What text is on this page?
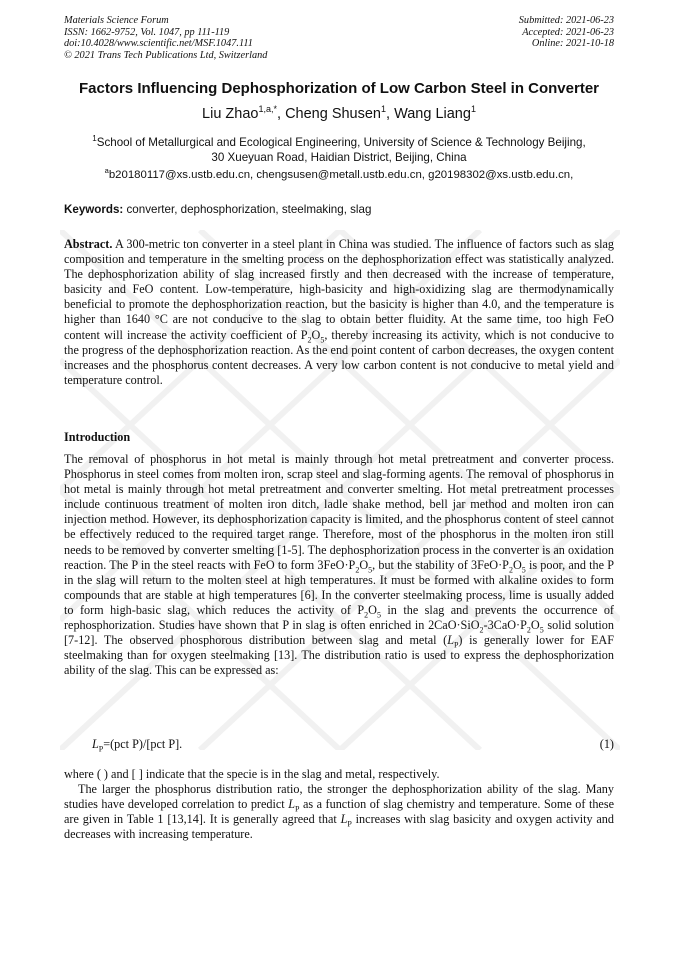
Materials Science Forum
ISSN: 1662-9752, Vol. 1047, pp 111-119
doi:10.4028/www.scientific.net/MSF.1047.111
© 2021 Trans Tech Publications Ltd, Switzerland
Submitted: 2021-06-23
Accepted: 2021-06-23
Online: 2021-10-18
Factors Influencing Dephosphorization of Low Carbon Steel in Converter
Liu Zhao$^{1,a,*}$, Cheng Shusen$^1$, Wang Liang$^1$
$^1$School of Metallurgical and Ecological Engineering, University of Science & Technology Beijing,
30 Xueyuan Road, Haidian District, Beijing, China
$^a$b20180117@xs.ustb.edu.cn, chengsusen@metall.ustb.edu.cn, g20198302@xs.ustb.edu.cn,
Keywords: converter, dephosphorization, steelmaking, slag
Abstract. A 300-metric ton converter in a steel plant in China was studied. The influence of factors such as slag composition and temperature in the smelting process on the dephosphorization effect was statistically analyzed. The dephosphorization ability of slag increased firstly and then decreased with the increase of temperature, basicity and FeO content. Low-temperature, high-basicity and high-oxidizing slag are thermodynamically beneficial to promote the dephosphorization reaction, but the basicity is higher than 4.0, and the temperature is higher than 1640 °C are not conducive to the slag to obtain better fluidity. At the same time, too high FeO content will increase the activity coefficient of $P_2O_5$, thereby increasing its activity, which is not conducive to the progress of the dephosphorization reaction. As the end point content of carbon decreases, the oxygen content increases and the phosphorus content decreases. A very low carbon content is not conducive to metal yield and temperature control.
Introduction
The removal of phosphorus in hot metal is mainly through hot metal pretreatment and converter process. Phosphorus in steel comes from molten iron, scrap steel and slag-forming agents. The removal of phosphorus in hot metal is mainly through hot metal pretreatment and converter smelting. Hot metal pretreatment processes include continuous treatment of molten iron ditch, ladle shake method, bell jar method and molten iron can injection method. However, its dephosphorization capacity is limited, and the phosphorus content of steel cannot be effectively reduced to the required target range. Therefore, most of the phosphorus in the molten iron still needs to be removed by converter smelting [1-5]. The dephosphorization process in the converter is an oxidation reaction. The P in the steel reacts with FeO to form $3FeO\cdot P_2O_5$, but the stability of $3FeO\cdot P_2O_5$ is poor, and the P in the slag will return to the molten steel at high temperatures. It must be formed with alkaline oxides to form compounds that are stable at high temperatures [6]. In the converter steelmaking process, lime is usually added to form high-basic slag, which reduces the activity of $P_2O_5$ in the slag and prevents the occurrence of rephosphorization. Studies have shown that P in slag is often enriched in $2CaO\cdot SiO_2-3CaO\cdot P_2O_5$ solid solution [7-12]. The observed phosphorous distribution between slag and metal $(L_P)$ is generally lower for EAF steelmaking than for oxygen steelmaking [13]. The distribution ratio is used to express the dephosphorization ability of the slag. This can be expressed as:
$L_P=(pct$ P)/[pct P].	(1)
where ( ) and [ ] indicate that the specie is in the slag and metal, respectively.
The larger the phosphorus distribution ratio, the stronger the dephosphorization ability of the slag. Many studies have developed correlation to predict $L_P$ as a function of slag chemistry and temperature. Some of these are given in Table 1 [13,14]. It is generally agreed that $L_P$ increases with slag basicity and oxygen activity and decreases with increasing temperature.
